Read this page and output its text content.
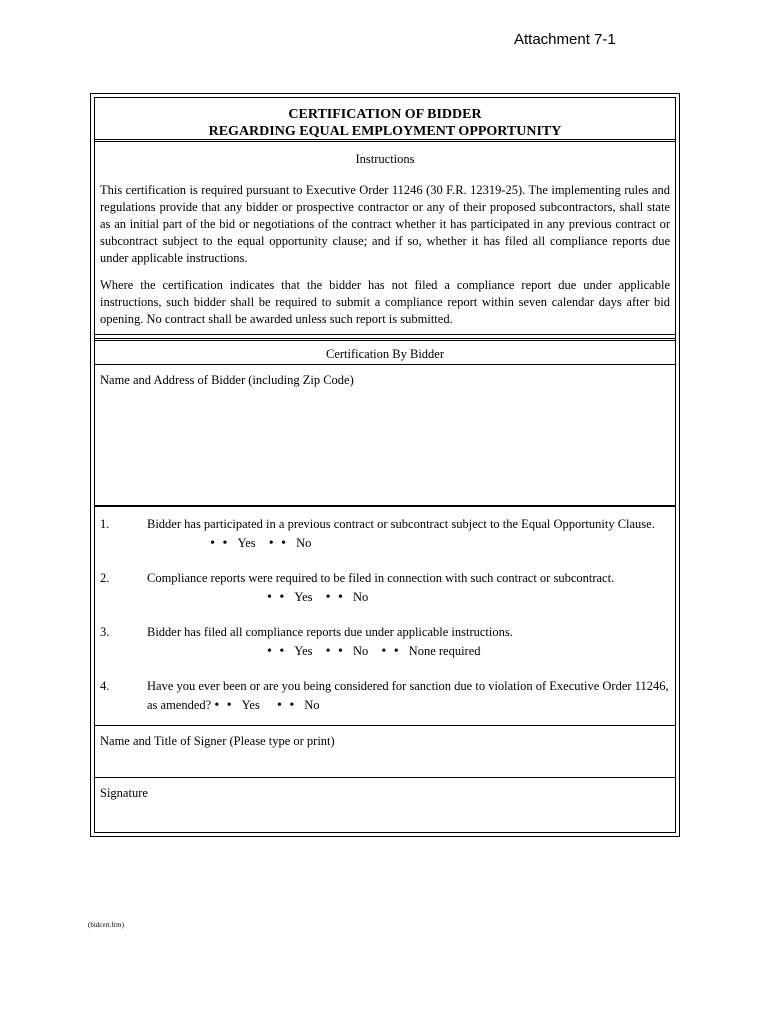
Attachment 7-1
CERTIFICATION OF BIDDER
REGARDING EQUAL EMPLOYMENT OPPORTUNITY
Instructions

This certification is required pursuant to Executive Order 11246 (30 F.R. 12319-25). The implementing rules and regulations provide that any bidder or prospective contractor or any of their proposed subcontractors, shall state as an initial part of the bid or negotiations of the contract whether it has participated in any previous contract or subcontract subject to the equal opportunity clause; and if so, whether it has filed all compliance reports due under applicable instructions.

Where the certification indicates that the bidder has not filed a compliance report due under applicable instructions, such bidder shall be required to submit a compliance report within seven calendar days after bid opening. No contract shall be awarded unless such report is submitted.

Certification By Bidder
Name and Address of Bidder (including Zip Code)
1.	Bidder has participated in a previous contract or subcontract subject to the Equal Opportunity Clause.  • • Yes • • No
2.	Compliance reports were required to be filed in connection with such contract or subcontract.
• • Yes • • No
3.	Bidder has filed all compliance reports due under applicable instructions.
• • Yes • • No • • None required
4.	Have you ever been or are you being considered for sanction due to violation of Executive Order 11246, as amended? • • Yes • • No
Name and Title of Signer (Please type or print)
Signature
(bidcert.frm)
